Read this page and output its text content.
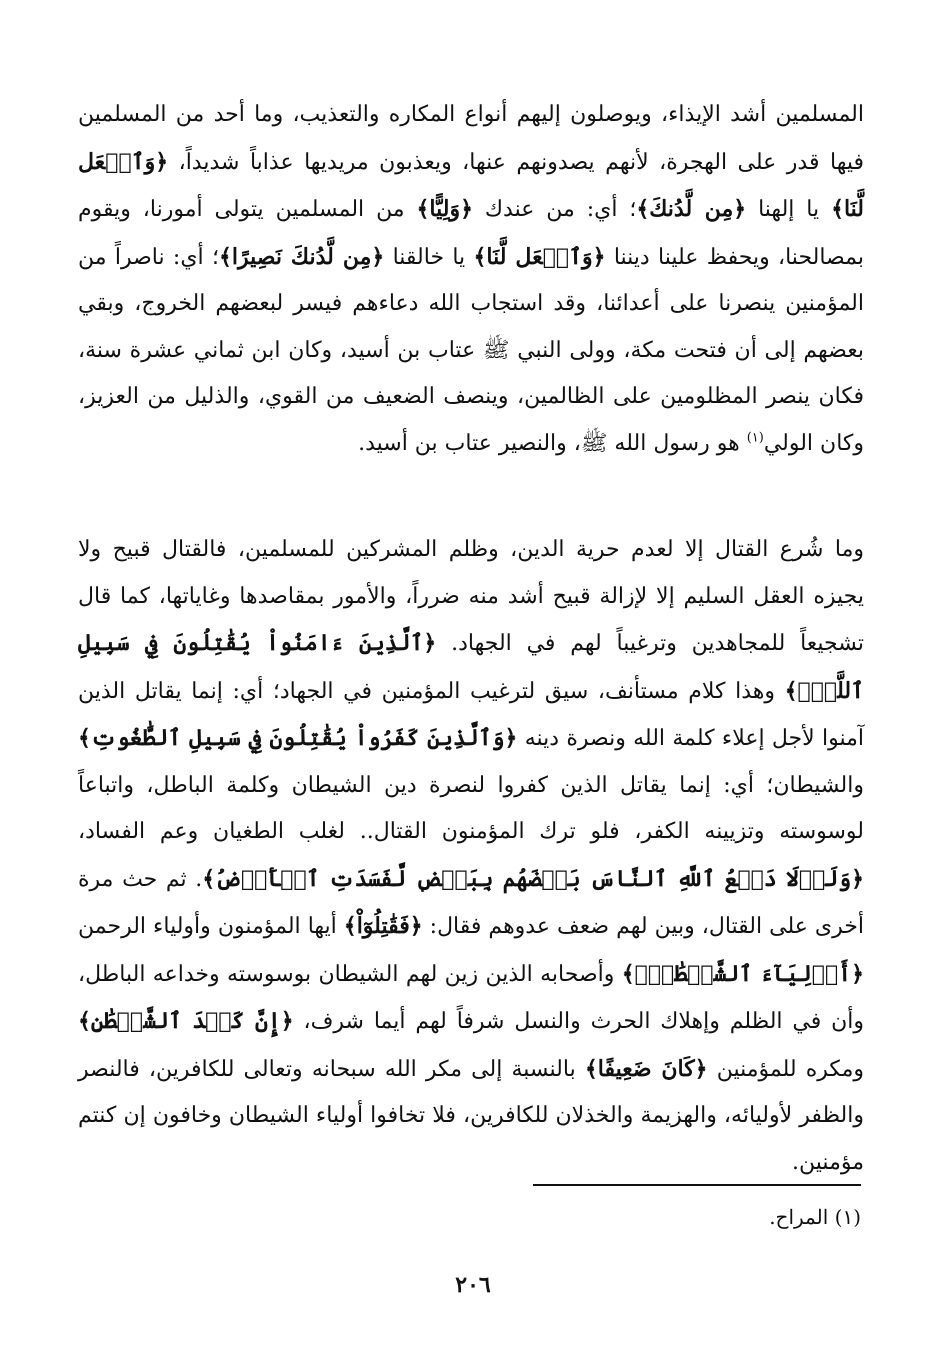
المسلمين أشد الإيذاء، ويوصلون إليهم أنواع المكاره والتعذيب، وما أحد من المسلمين فيها قدر على الهجرة، لأنهم يصدونهم عنها، ويعذبون مريديها عذاباً شديداً، ﴿وَٱجۡعَل لَّنَا﴾ يا إلهنا ﴿مِن لَّدُنكَ﴾؛ أي: من عندك ﴿وَلِيًّا﴾ من المسلمين يتولى أمورنا، ويقوم بمصالحنا، ويحفظ علينا ديننا ﴿وَٱجۡعَل لَّنَا﴾ يا خالقنا ﴿مِن لَّدُنكَ نَصِيرًا﴾؛ أي: ناصراً من المؤمنين ينصرنا على أعدائنا، وقد استجاب الله دعاءهم فيسر لبعضهم الخروج، وبقي بعضهم إلى أن فتحت مكة، وولى النبي ﷺ عتاب بن أسيد، وكان ابن ثماني عشرة سنة، فكان ينصر المظلومين على الظالمين، وينصف الضعيف من القوي، والذليل من العزيز، وكان الولي$^{(١)}$ هو رسول الله ﷺ، والنصير عتاب بن أسيد.

وما شُرع القتال إلا لعدم حرية الدين، وظلم المشركين للمسلمين، فالقتال قبيح ولا يجيزه العقل السليم إلا لإزالة قبيح أشد منه ضرراً، والأمور بمقاصدها وغاياتها، كما قال تشجيعاً للمجاهدين وترغيباً لهم في الجهاد. ﴿ٱلَّذِينَ ءَامَنُواْ يُقَٰتِلُونَ فِي سَبِيلِ ٱللَّهِۖ﴾ وهذا كلام مستأنف، سيق لترغيب المؤمنين في الجهاد؛ أي: إنما يقاتل الذين آمنوا لأجل إعلاء كلمة الله ونصرة دينه ﴿وَٱلَّذِينَ كَفَرُواْ يُقَٰتِلُونَ فِي سَبِيلِ ٱلطَّٰغُوتِ﴾ والشيطان؛ أي: إنما يقاتل الذين كفروا لنصرة دين الشيطان وكلمة الباطل، واتباعاً لوسوسته وتزيينه الكفر، فلو ترك المؤمنون القتال.. لغلب الطغيان وعم الفساد، ﴿وَلَوۡلَا دَفۡعُ ٱللَّهِ ٱلنَّاسَ بَعۡضَهُم بِبَعۡضٖ لَّفَسَدَتِ ٱلۡأَرۡضُ﴾. ثم حث مرة أخرى على القتال، وبين لهم ضعف عدوهم فقال: ﴿فَقَٰتِلُوٓاْ﴾ أيها المؤمنون وأولياء الرحمن ﴿أَوۡلِيَآءَ ٱلشَّيۡطَٰنِۖ﴾ وأصحابه الذين زين لهم الشيطان بوسوسته وخداعه الباطل، وأن في الظلم وإهلاك الحرث والنسل شرفاً لهم أيما شرف، ﴿إِنَّ كَيۡدَ ٱلشَّيۡطَٰنِ﴾ ومكره للمؤمنين ﴿كَانَ ضَعِيفًا﴾ بالنسبة إلى مكر الله سبحانه وتعالى للكافرين، فالنصر والظفر لأوليائه، والهزيمة والخذلان للكافرين، فلا تخافوا أولياء الشيطان وخافون إن كنتم مؤمنين.

(١) المراح.
٢٠٦
